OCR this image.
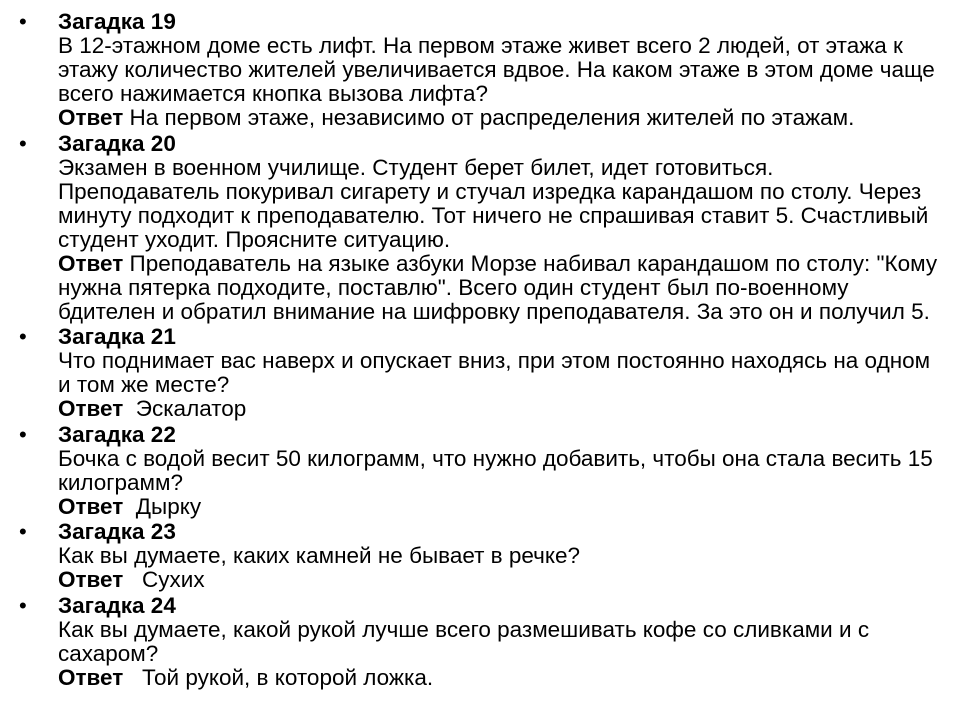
• Загадка 19
В 12-этажном доме есть лифт. На первом этаже живет всего 2 людей, от этажа к этажу количество жителей увеличивается вдвое. На каком этаже в этом доме чаще всего нажимается кнопка вызова лифта?
Ответ На первом этаже, независимо от распределения жителей по этажам.
• Загадка 20
Экзамен в военном училище. Студент берет билет, идет готовиться. Преподаватель покуривал сигарету и стучал изредка карандашом по столу. Через минуту подходит к преподавателю. Тот ничего не спрашивая ставит 5. Счастливый студент уходит. Проясните ситуацию.
Ответ Преподаватель на языке азбуки Морзе набивал карандашом по столу: "Кому нужна пятерка подходите, поставлю". Всего один студент был по-военному бдителен и обратил внимание на шифровку преподавателя. За это он и получил 5.
• Загадка 21
Что поднимает вас наверх и опускает вниз, при этом постоянно находясь на одном и том же месте?
Ответ  Эскалатор
• Загадка 22
Бочка с водой весит 50 килограмм, что нужно добавить, чтобы она стала весить 15 килограмм?
Ответ  Дырку
• Загадка 23
Как вы думаете, каких камней не бывает в речке?
Ответ   Сухих
• Загадка 24
Как вы думаете, какой рукой лучше всего размешивать кофе со сливками и с сахаром?
Ответ   Той рукой, в которой ложка.
